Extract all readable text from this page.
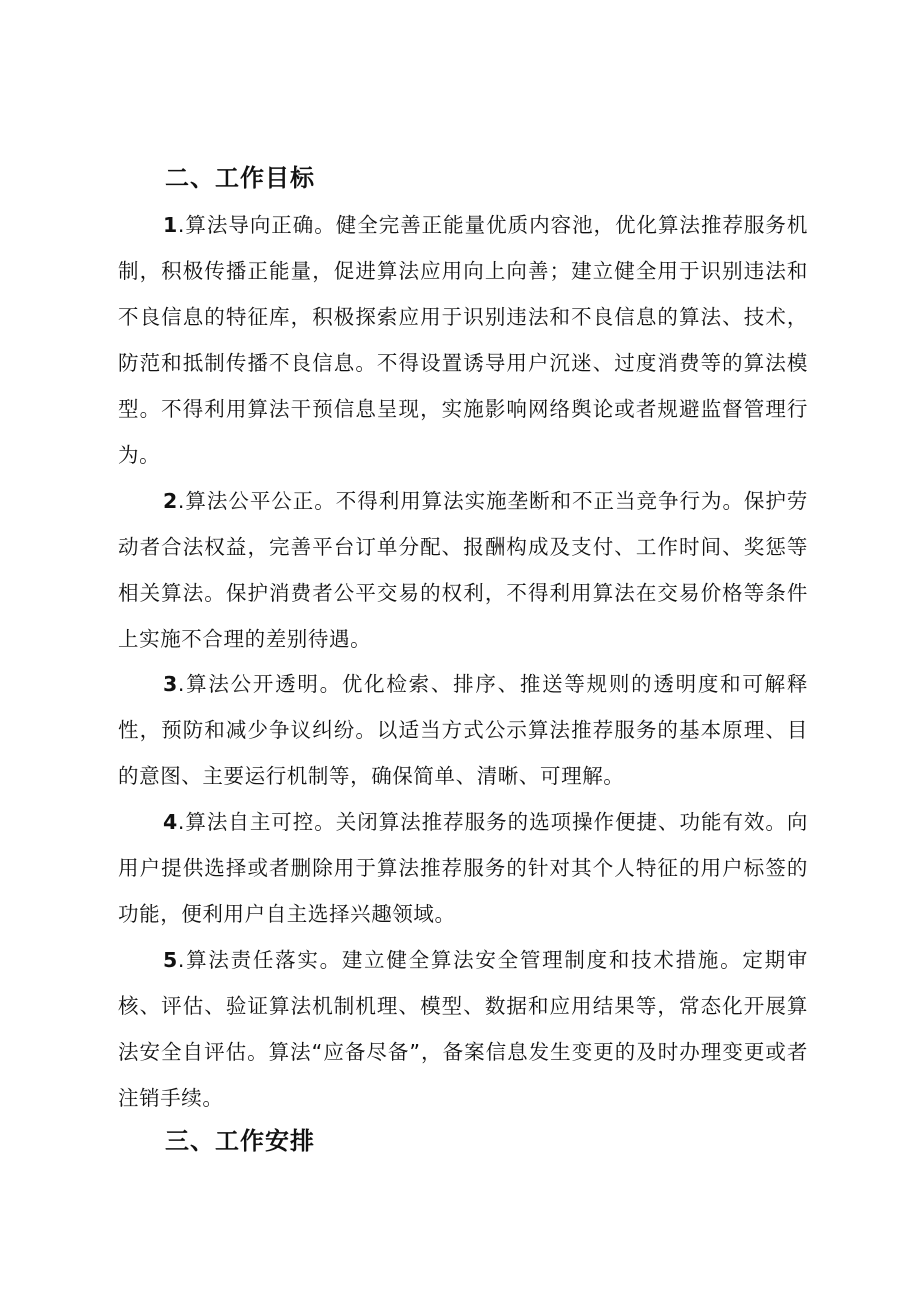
二、工作目标

1.算法导向正确。健全完善正能量优质内容池，优化算法推荐服务机制，积极传播正能量，促进算法应用向上向善；建立健全用于识别违法和不良信息的特征库，积极探索应用于识别违法和不良信息的算法、技术，防范和抵制传播不良信息。不得设置诱导用户沉迷、过度消费等的算法模型。不得利用算法干预信息呈现，实施影响网络舆论或者规避监督管理行为。

2.算法公平公正。不得利用算法实施垄断和不正当竞争行为。保护劳动者合法权益，完善平台订单分配、报酬构成及支付、工作时间、奖惩等相关算法。保护消费者公平交易的权利，不得利用算法在交易价格等条件上实施不合理的差别待遇。

3.算法公开透明。优化检索、排序、推送等规则的透明度和可解释性，预防和减少争议纠纷。以适当方式公示算法推荐服务的基本原理、目的意图、主要运行机制等，确保简单、清晰、可理解。

4.算法自主可控。关闭算法推荐服务的选项操作便捷、功能有效。向用户提供选择或者删除用于算法推荐服务的针对其个人特征的用户标签的功能，便利用户自主选择兴趣领域。

5.算法责任落实。建立健全算法安全管理制度和技术措施。定期审核、评估、验证算法机制机理、模型、数据和应用结果等，常态化开展算法安全自评估。算法“应备尽备”，备案信息发生变更的及时办理变更或者注销手续。

三、工作安排
